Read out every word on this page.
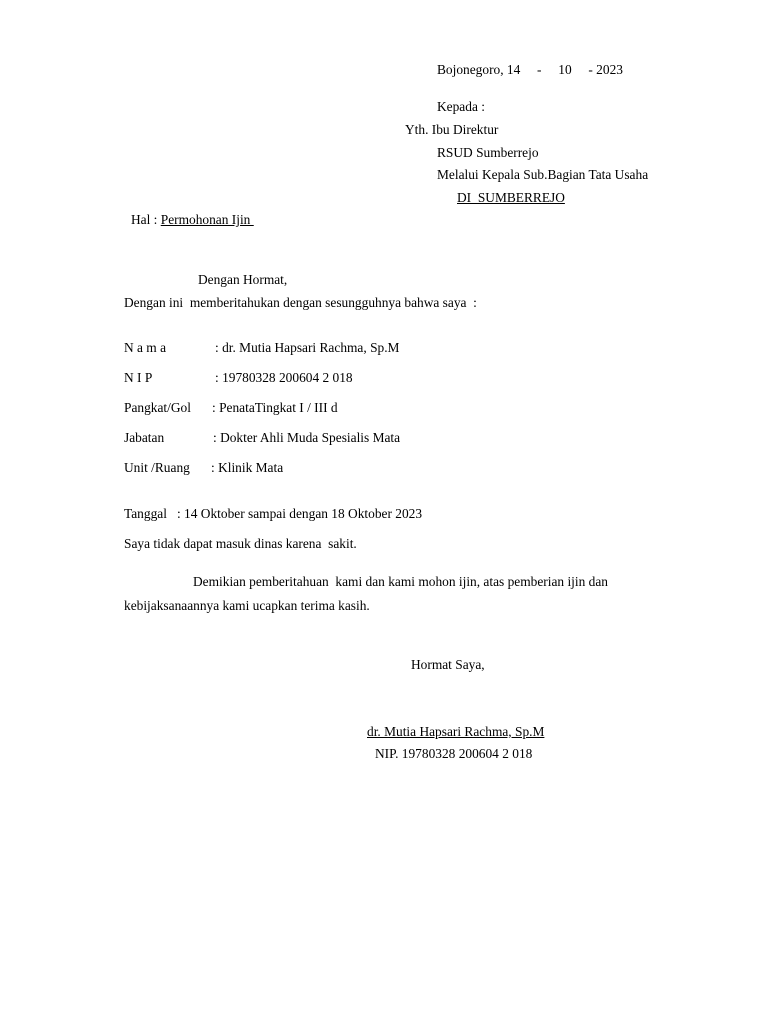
Bojonegoro, 14     -     10     - 2023
Kepada :
Yth. Ibu Direktur
RSUD Sumberrejo
Melalui Kepala Sub.Bagian Tata Usaha
DI  SUMBERREJO
Hal : Permohonan Ijin
Dengan Hormat,
Dengan ini  memberitahukan dengan sesungguhnya bahwa saya  :
N a m a	: dr. Mutia Hapsari Rachma, Sp.M
N I P	: 19780328 200604 2 018
Pangkat/Gol : PenataTingkat I / III d
Jabatan	: Dokter Ahli Muda Spesialis Mata
Unit /Ruang : Klinik Mata
Tanggal   : 14 Oktober sampai dengan 18 Oktober 2023
Saya tidak dapat masuk dinas karena  sakit.
Demikian pemberitahuan  kami dan kami mohon ijin, atas pemberian ijin dan
kebijaksanaannya kami ucapkan terima kasih.
Hormat Saya,
dr. Mutia Hapsari Rachma, Sp.M
NIP. 19780328 200604 2 018
